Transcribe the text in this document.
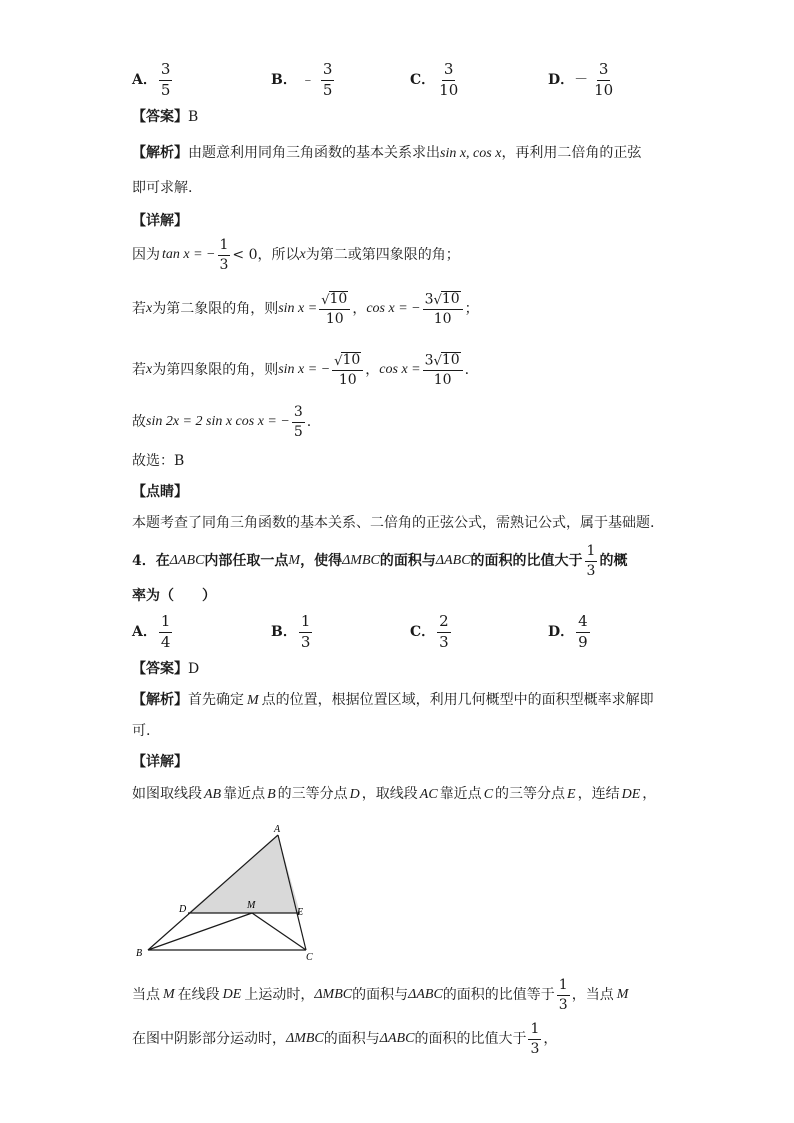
A． $\frac{3}{5}$	B． ﹣ $\frac{3}{5}$	C． $\frac{3}{10}$	D． － $\frac{3}{10}$
【答案】B
【解析】由题意利用同角三角函数的基本关系求出sin x, cos x，再利用二倍角的正弦
即可求解.
【详解】
因为 tan x = − $\frac{1}{3} < 0$ ，所以 x 为第二或第四象限的角；
若 x 为第二象限的角，则 $\sin x = \frac{√ 10}{10}$ ， cos x = − $\frac{3 √ 10}{10}$ ；
若 x 为第四象限的角，则 sin x = − $\frac{√ 10}{10}$ ， $\cos x = \frac{3 √ 10}{10}$ .
故 sin 2x = 2 sin x cos x = − $\frac{3}{5}$ .
故选：B
【点睛】
本题考查了同角三角函数的基本关系、二倍角的正弦公式，需熟记公式，属于基础题.
4．在 ΔABC 内部任取一点 M ，使得 ΔMBC 的面积与 ΔABC 的面积的比值大于 $\frac{1}{3}$ 的概
率为（　　）
A． $\frac{1}{4}$	B． $\frac{1}{3}$	C． $\frac{2}{3}$	D． $\frac{4}{9}$
【答案】D
【解析】首先确定 M 点的位置，根据位置区域，利用几何概型中的面积型概率求解即
可.
【详解】
如图取线段 AB 靠近点 B 的三等分点 D ，取线段 AC 靠近点 C 的三等分点 E ，连结 DE ，
A
B	C
D	E
M
当点 M 在线段 DE 上运动时， ΔMBC 的面积与 ΔABC 的面积的比值等于 $\frac{1}{3}$ ，当点 M
在图中阴影部分运动时， ΔMBC 的面积与 ΔABC 的面积的比值大于 $\frac{1}{3}$ ，
